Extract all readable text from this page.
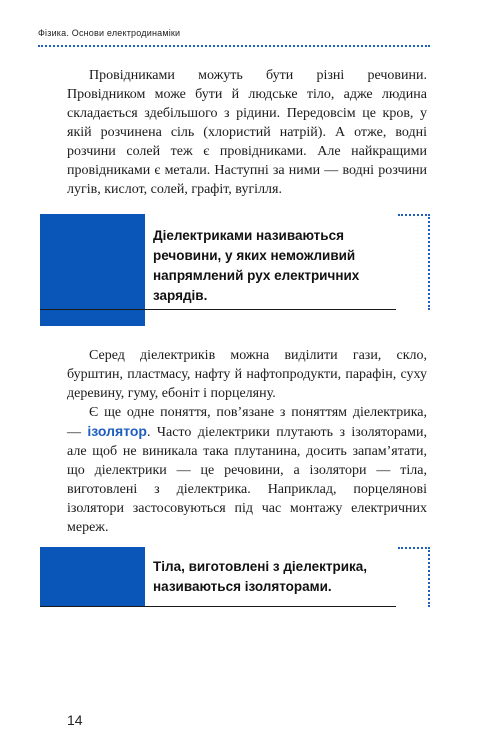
Фізика. Основи електродинаміки

Провідниками можуть бути різні речовини. Провідником може бути й людське тіло, адже людина складається здебільшого з рідини. Передовсім це кров, у якій розчинена сіль (хлористий натрій). А отже, водні розчини солей теж є провідниками. Але найкращими провідниками є метали. Наступні за ними — водні розчини лугів, кислот, солей, графіт, вугілля.

Діелектриками називаються речовини, у яких неможливий напрямлений рух електричних зарядів.

Серед діелектриків можна виділити гази, скло, бурштин, пластмасу, нафту й нафтопродукти, парафін, суху деревину, гуму, ебоніт і порцеляну.

Є ще одне поняття, пов’язане з поняттям діелектрика, — ізолятор. Часто діелектрики плутають з ізоляторами, але щоб не виникала така плутанина, досить запам’ятати, що діелектрики — це речовини, а ізолятори — тіла, виготовлені з діелектрика. Наприклад, порцелянові ізолятори застосовуються під час монтажу електричних мереж.

Тіла, виготовлені з діелектрика, називаються ізоляторами.
14
